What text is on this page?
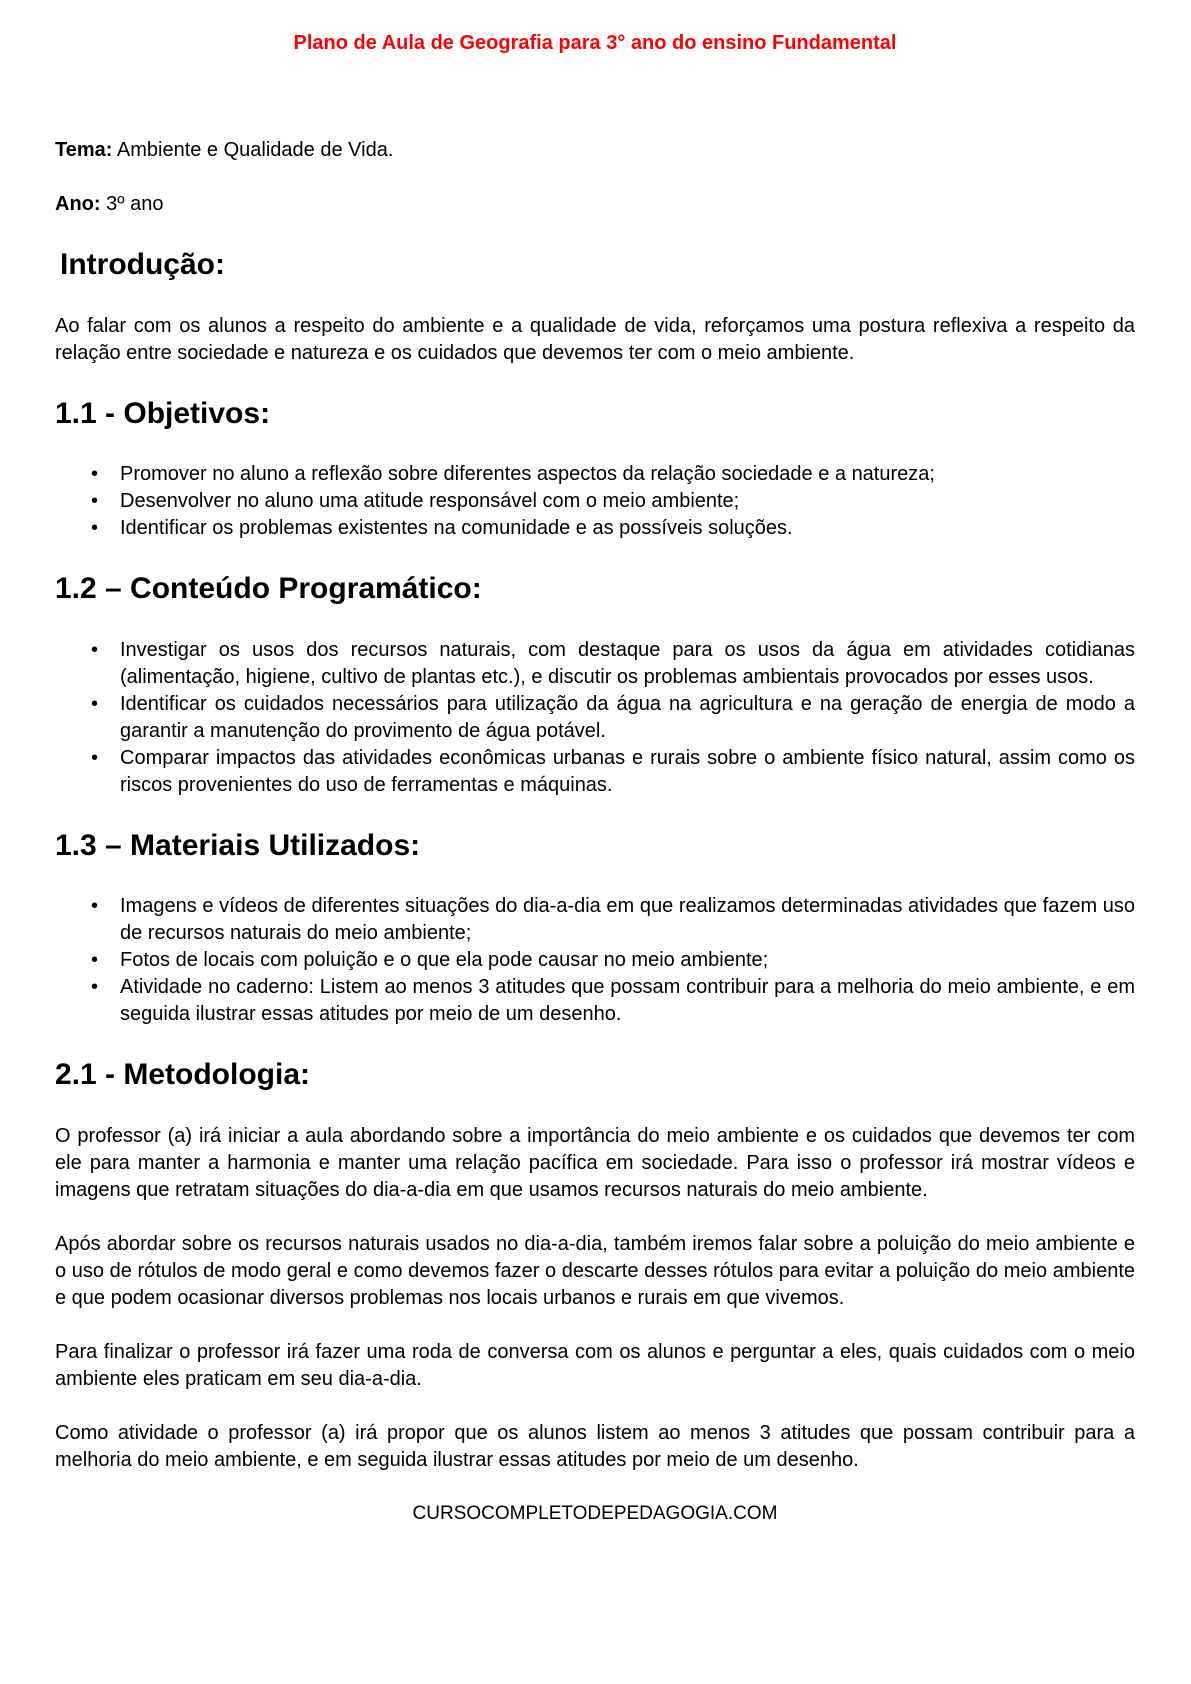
Plano de Aula de Geografia para 3° ano do ensino Fundamental

Tema: Ambiente e Qualidade de Vida.

Ano: 3º ano

Introdução:

Ao falar com os alunos a respeito do ambiente e a qualidade de vida, reforçamos uma postura reflexiva a respeito da relação entre sociedade e natureza e os cuidados que devemos ter com o meio ambiente.

1.1 - Objetivos:
• Promover no aluno a reflexão sobre diferentes aspectos da relação sociedade e a natureza;
• Desenvolver no aluno uma atitude responsável com o meio ambiente;
• Identificar os problemas existentes na comunidade e as possíveis soluções.
1.2 – Conteúdo Programático:
• Investigar os usos dos recursos naturais, com destaque para os usos da água em atividades cotidianas (alimentação, higiene, cultivo de plantas etc.), e discutir os problemas ambientais provocados por esses usos.
• Identificar os cuidados necessários para utilização da água na agricultura e na geração de energia de modo a garantir a manutenção do provimento de água potável.
• Comparar impactos das atividades econômicas urbanas e rurais sobre o ambiente físico natural, assim como os riscos provenientes do uso de ferramentas e máquinas.
1.3 – Materiais Utilizados:
• Imagens e vídeos de diferentes situações do dia-a-dia em que realizamos determinadas atividades que fazem uso de recursos naturais do meio ambiente;
• Fotos de locais com poluição e o que ela pode causar no meio ambiente;
• Atividade no caderno: Listem ao menos 3 atitudes que possam contribuir para a melhoria do meio ambiente, e em seguida ilustrar essas atitudes por meio de um desenho.
2.1 - Metodologia:

O professor (a) irá iniciar a aula abordando sobre a importância do meio ambiente e os cuidados que devemos ter com ele para manter a harmonia e manter uma relação pacífica em sociedade. Para isso o professor irá mostrar vídeos e imagens que retratam situações do dia-a-dia em que usamos recursos naturais do meio ambiente.

Após abordar sobre os recursos naturais usados no dia-a-dia, também iremos falar sobre a poluição do meio ambiente e o uso de rótulos de modo geral e como devemos fazer o descarte desses rótulos para evitar a poluição do meio ambiente e que podem ocasionar diversos problemas nos locais urbanos e rurais em que vivemos.

Para finalizar o professor irá fazer uma roda de conversa com os alunos e perguntar a eles, quais cuidados com o meio ambiente eles praticam em seu dia-a-dia.

Como atividade o professor (a) irá propor que os alunos listem ao menos 3 atitudes que possam contribuir para a melhoria do meio ambiente, e em seguida ilustrar essas atitudes por meio de um desenho.

CURSOCOMPLETODEPEDAGOGIA.COM
